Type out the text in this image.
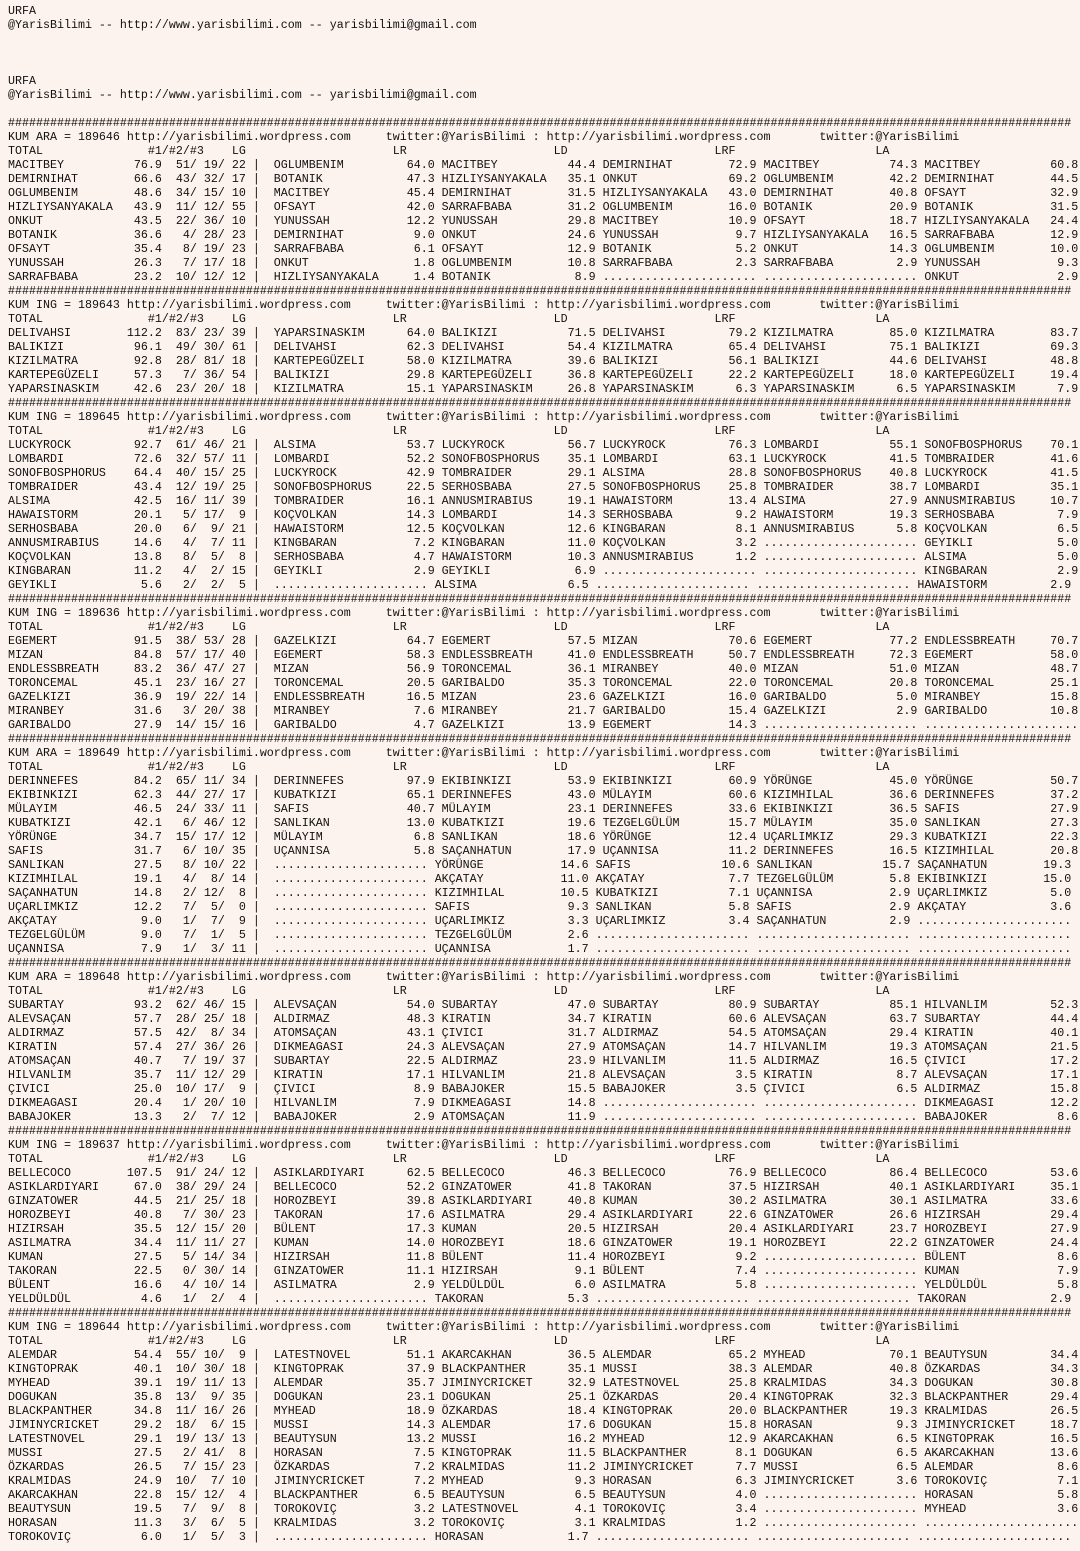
URFA
@YarisBilimi -- http://www.yarisbilimi.com -- yarisbilimi@gmail.com
URFA
@YarisBilimi -- http://www.yarisbilimi.com -- yarisbilimi@gmail.com
########################################################################################################################################################
KUM ARA = 189646 http://yarisbilimi.wordpress.com     twitter:@YarisBilimi : http://yarisbilimi.wordpress.com       twitter:@YarisBilimi
TOTAL               #1/#2/#3    LG                     LR                     LD                     LRF                    LA
MACITBEY          76.9  51/ 19/ 22 |  OGLUMBENIM         64.0 MACITBEY          44.4 DEMIRNIHAT        72.9 MACITBEY          74.3 MACITBEY          60.8
DEMIRNIHAT        66.6  43/ 32/ 17 |  BOTANIK            47.3 HIZLIYSANYAKALA   35.1 ONKUT             69.2 OGLUMBENIM        42.2 DEMIRNIHAT        44.5
OGLUMBENIM        48.6  34/ 15/ 10 |  MACITBEY           45.4 DEMIRNIHAT        31.5 HIZLIYSANYAKALA   43.0 DEMIRNIHAT        40.8 OFSAYT            32.9
HIZLIYSANYAKALA   43.9  11/ 12/ 55 |  OFSAYT             42.0 SARRAFBABA        31.2 OGLUMBENIM        16.0 BOTANIK           20.9 BOTANIK           31.5
ONKUT             43.5  22/ 36/ 10 |  YUNUSSAH           12.2 YUNUSSAH          29.8 MACITBEY          10.9 OFSAYT            18.7 HIZLIYSANYAKALA   24.4
BOTANIK           36.6   4/ 28/ 23 |  DEMIRNIHAT          9.0 ONKUT             24.6 YUNUSSAH           9.7 HIZLIYSANYAKALA   16.5 SARRAFBABA        12.9
OFSAYT            35.4   8/ 19/ 23 |  SARRAFBABA          6.1 OFSAYT            12.9 BOTANIK            5.2 ONKUT             14.3 OGLUMBENIM        10.0
YUNUSSAH          26.3   7/ 17/ 18 |  ONKUT               1.8 OGLUMBENIM        10.8 SARRAFBABA         2.3 SARRAFBABA         2.9 YUNUSSAH           9.3
SARRAFBABA        23.2  10/ 12/ 12 |  HIZLIYSANYAKALA     1.4 BOTANIK            8.9 ...................... ...................... ONKUT              2.9
########################################################################################################################################################
KUM ING = 189643 http://yarisbilimi.wordpress.com     twitter:@YarisBilimi : http://yarisbilimi.wordpress.com       twitter:@YarisBilimi
TOTAL               #1/#2/#3    LG                     LR                     LD                     LRF                    LA
DELIVAHSI        112.2  83/ 23/ 39 |  YAPARSINASKIM      64.0 BALIKIZI          71.5 DELIVAHSI         79.2 KIZILMATRA        85.0 KIZILMATRA        83.7
BALIKIZI          96.1  49/ 30/ 61 |  DELIVAHSI          62.3 DELIVAHSI         54.4 KIZILMATRA        65.4 DELIVAHSI         75.1 BALIKIZI          69.3
KIZILMATRA        92.8  28/ 81/ 18 |  KARTEPEGÜZELI      58.0 KIZILMATRA        39.6 BALIKIZI          56.1 BALIKIZI          44.6 DELIVAHSI         48.8
KARTEPEGÜZELI     57.3   7/ 36/ 54 |  BALIKIZI           29.8 KARTEPEGÜZELI     36.8 KARTEPEGÜZELI     22.2 KARTEPEGÜZELI     18.0 KARTEPEGÜZELI     19.4
YAPARSINASKIM     42.6  23/ 20/ 18 |  KIZILMATRA         15.1 YAPARSINASKIM     26.8 YAPARSINASKIM      6.3 YAPARSINASKIM      6.5 YAPARSINASKIM      7.9
########################################################################################################################################################
KUM ING = 189645 http://yarisbilimi.wordpress.com     twitter:@YarisBilimi : http://yarisbilimi.wordpress.com       twitter:@YarisBilimi
TOTAL               #1/#2/#3    LG                     LR                     LD                     LRF                    LA
LUCKYROCK         92.7  61/ 46/ 21 |  ALSIMA             53.7 LUCKYROCK         56.7 LUCKYROCK         76.3 LOMBARDI          55.1 SONOFBOSPHORUS    70.1
LOMBARDI          72.6  32/ 57/ 11 |  LOMBARDI           52.2 SONOFBOSPHORUS    35.1 LOMBARDI          63.1 LUCKYROCK         41.5 TOMBRAIDER        41.6
SONOFBOSPHORUS    64.4  40/ 15/ 25 |  LUCKYROCK          42.9 TOMBRAIDER        29.1 ALSIMA            28.8 SONOFBOSPHORUS    40.8 LUCKYROCK         41.5
TOMBRAIDER        43.4  12/ 19/ 25 |  SONOFBOSPHORUS     22.5 SERHOSBABA        27.5 SONOFBOSPHORUS    25.8 TOMBRAIDER        38.7 LOMBARDI          35.1
ALSIMA            42.5  16/ 11/ 39 |  TOMBRAIDER         16.1 ANNUSMIRABIUS     19.1 HAWAISTORM        13.4 ALSIMA            27.9 ANNUSMIRABIUS     10.7
HAWAISTORM        20.1   5/ 17/  9 |  KOÇVOLKAN          14.3 LOMBARDI          14.3 SERHOSBABA         9.2 HAWAISTORM        19.3 SERHOSBABA         7.9
SERHOSBABA        20.0   6/  9/ 21 |  HAWAISTORM         12.5 KOÇVOLKAN         12.6 KINGBARAN          8.1 ANNUSMIRABIUS      5.8 KOÇVOLKAN          6.5
ANNUSMIRABIUS     14.6   4/  7/ 11 |  KINGBARAN           7.2 KINGBARAN         11.0 KOÇVOLKAN          3.2 ...................... GEYIKLI            5.0
KOÇVOLKAN         13.8   8/  5/  8 |  SERHOSBABA          4.7 HAWAISTORM        10.3 ANNUSMIRABIUS      1.2 ...................... ALSIMA             5.0
KINGBARAN         11.2   4/  2/ 15 |  GEYIKLI             2.9 GEYIKLI            6.9 ...................... ...................... KINGBARAN          2.9
GEYIKLI            5.6   2/  2/  5 |  ...................... ALSIMA             6.5 ...................... ...................... HAWAISTORM         2.9
########################################################################################################################################################
KUM ING = 189636 http://yarisbilimi.wordpress.com     twitter:@YarisBilimi : http://yarisbilimi.wordpress.com       twitter:@YarisBilimi
TOTAL               #1/#2/#3    LG                     LR                     LD                     LRF                    LA
EGEMERT           91.5  38/ 53/ 28 |  GAZELKIZI          64.7 EGEMERT           57.5 MIZAN             70.6 EGEMERT           77.2 ENDLESSBREATH     70.7
MIZAN             84.8  57/ 17/ 40 |  EGEMERT            58.3 ENDLESSBREATH     41.0 ENDLESSBREATH     50.7 ENDLESSBREATH     72.3 EGEMERT           58.0
ENDLESSBREATH     83.2  36/ 47/ 27 |  MIZAN              56.9 TORONCEMAL        36.1 MIRANBEY          40.0 MIZAN             51.0 MIZAN             48.7
TORONCEMAL        45.1  23/ 16/ 27 |  TORONCEMAL         20.5 GARIBALDO         35.3 TORONCEMAL        22.0 TORONCEMAL        20.8 TORONCEMAL        25.1
GAZELKIZI         36.9  19/ 22/ 14 |  ENDLESSBREATH      16.5 MIZAN             23.6 GAZELKIZI         16.0 GARIBALDO          5.0 MIRANBEY          15.8
MIRANBEY          31.6   3/ 20/ 38 |  MIRANBEY            7.6 MIRANBEY          21.7 GARIBALDO         15.4 GAZELKIZI          2.9 GARIBALDO         10.8
GARIBALDO         27.9  14/ 15/ 16 |  GARIBALDO           4.7 GAZELKIZI         13.9 EGEMERT           14.3 ...................... ......................
########################################################################################################################################################
KUM ARA = 189649 http://yarisbilimi.wordpress.com     twitter:@YarisBilimi : http://yarisbilimi.wordpress.com       twitter:@YarisBilimi
TOTAL               #1/#2/#3    LG                     LR                     LD                     LRF                    LA
DERINNEFES        84.2  65/ 11/ 34 |  DERINNEFES         97.9 EKIBINKIZI        53.9 EKIBINKIZI        60.9 YÖRÜNGE           45.0 YÖRÜNGE           50.7
EKIBINKIZI        62.3  44/ 27/ 17 |  KUBATKIZI          65.1 DERINNEFES        43.0 MÜLAYIM           60.6 KIZIMHILAL        36.6 DERINNEFES        37.2
MÜLAYIM           46.5  24/ 33/ 11 |  SAFIS              40.7 MÜLAYIM           23.1 DERINNEFES        33.6 EKIBINKIZI        36.5 SAFIS             27.9
KUBATKIZI         42.1   6/ 46/ 12 |  SANLIKAN           13.0 KUBATKIZI         19.6 TEZGELGÜLÜM       15.7 MÜLAYIM           35.0 SANLIKAN          27.3
YÖRÜNGE           34.7  15/ 17/ 12 |  MÜLAYIM             6.8 SANLIKAN          18.6 YÖRÜNGE           12.4 UÇARLIMKIZ        29.3 KUBATKIZI         22.3
SAFIS             31.7   6/ 10/ 35 |  UÇANNISA            5.8 SAÇANHATUN        17.9 UÇANNISA          11.2 DERINNEFES        16.5 KIZIMHILAL        20.8
SANLIKAN          27.5   8/ 10/ 22 |  ...................... YÖRÜNGE           14.6 SAFIS             10.6 SANLIKAN          15.7 SAÇANHATUN        19.3
KIZIMHILAL        19.1   4/  8/ 14 |  ...................... AKÇATAY           11.0 AKÇATAY            7.7 TEZGELGÜLÜM        5.8 EKIBINKIZI        15.0
SAÇANHATUN        14.8   2/ 12/  8 |  ...................... KIZIMHILAL        10.5 KUBATKIZI          7.1 UÇANNISA           2.9 UÇARLIMKIZ         5.0
UÇARLIMKIZ        12.2   7/  5/  0 |  ...................... SAFIS              9.3 SANLIKAN           5.8 SAFIS              2.9 AKÇATAY            3.6
AKÇATAY            9.0   1/  7/  9 |  ...................... UÇARLIMKIZ         3.3 UÇARLIMKIZ         3.4 SAÇANHATUN         2.9 ......................
TEZGELGÜLÜM        9.0   7/  1/  5 |  ...................... TEZGELGÜLÜM        2.6 ...................... ...................... ......................
UÇANNISA           7.9   1/  3/ 11 |  ...................... UÇANNISA           1.7 ...................... ...................... ......................
########################################################################################################################################################
KUM ARA = 189648 http://yarisbilimi.wordpress.com     twitter:@YarisBilimi : http://yarisbilimi.wordpress.com       twitter:@YarisBilimi
TOTAL               #1/#2/#3    LG                     LR                     LD                     LRF                    LA
SUBARTAY          93.2  62/ 46/ 15 |  ALEVSAÇAN          54.0 SUBARTAY          47.0 SUBARTAY          80.9 SUBARTAY          85.1 HILVANLIM         52.3
ALEVSAÇAN         57.7  28/ 25/ 18 |  ALDIRMAZ           48.3 KIRATIN           34.7 KIRATIN           60.6 ALEVSAÇAN         63.7 SUBARTAY          44.4
ALDIRMAZ          57.5  42/  8/ 34 |  ATOMSAÇAN          43.1 ÇIVICI            31.7 ALDIRMAZ          54.5 ATOMSAÇAN         29.4 KIRATIN           40.1
KIRATIN           57.4  27/ 36/ 26 |  DIKMEAGASI         24.3 ALEVSAÇAN         27.9 ATOMSAÇAN         14.7 HILVANLIM         19.3 ATOMSAÇAN         21.5
ATOMSAÇAN         40.7   7/ 19/ 37 |  SUBARTAY           22.5 ALDIRMAZ          23.9 HILVANLIM         11.5 ALDIRMAZ          16.5 ÇIVICI            17.2
HILVANLIM         35.7  11/ 12/ 29 |  KIRATIN            17.1 HILVANLIM         21.8 ALEVSAÇAN          3.5 KIRATIN            8.7 ALEVSAÇAN         17.1
ÇIVICI            25.0  10/ 17/  9 |  ÇIVICI              8.9 BABAJOKER         15.5 BABAJOKER          3.5 ÇIVICI             6.5 ALDIRMAZ          15.8
DIKMEAGASI        20.4   1/ 20/ 10 |  HILVANLIM           7.9 DIKMEAGASI        14.8 ...................... ...................... DIKMEAGASI        12.2
BABAJOKER         13.3   2/  7/ 12 |  BABAJOKER           2.9 ATOMSAÇAN         11.9 ...................... ...................... BABAJOKER          8.6
########################################################################################################################################################
KUM ING = 189637 http://yarisbilimi.wordpress.com     twitter:@YarisBilimi : http://yarisbilimi.wordpress.com       twitter:@YarisBilimi
TOTAL               #1/#2/#3    LG                     LR                     LD                     LRF                    LA
BELLECOCO        107.5  91/ 24/ 12 |  ASIKLARDIYARI      62.5 BELLECOCO         46.3 BELLECOCO         76.9 BELLECOCO         86.4 BELLECOCO         53.6
ASIKLARDIYARI     67.0  38/ 29/ 24 |  BELLECOCO          52.2 GINZATOWER        41.8 TAKORAN           37.5 HIZIRSAH          40.1 ASIKLARDIYARI     35.1
GINZATOWER        44.5  21/ 25/ 18 |  HOROZBEYI          39.8 ASIKLARDIYARI     40.8 KUMAN             30.2 ASILMATRA         30.1 ASILMATRA         33.6
HOROZBEYI         40.8   7/ 30/ 23 |  TAKORAN            17.6 ASILMATRA         29.4 ASIKLARDIYARI     22.6 GINZATOWER        26.6 HIZIRSAH          29.4
HIZIRSAH          35.5  12/ 15/ 20 |  BÜLENT             17.3 KUMAN             20.5 HIZIRSAH          20.4 ASIKLARDIYARI     23.7 HOROZBEYI         27.9
ASILMATRA         34.4  11/ 11/ 27 |  KUMAN              14.0 HOROZBEYI         18.6 GINZATOWER        19.1 HOROZBEYI         22.2 GINZATOWER        24.4
KUMAN             27.5   5/ 14/ 34 |  HIZIRSAH           11.8 BÜLENT            11.4 HOROZBEYI          9.2 ...................... BÜLENT             8.6
TAKORAN           22.5   0/ 30/ 14 |  GINZATOWER         11.1 HIZIRSAH           9.1 BÜLENT             7.4 ...................... KUMAN              7.9
BÜLENT            16.6   4/ 10/ 14 |  ASILMATRA           2.9 YELDÜLDÜL          6.0 ASILMATRA          5.8 ...................... YELDÜLDÜL          5.8
YELDÜLDÜL          4.6   1/  2/  4 |  ...................... TAKORAN            5.3 ...................... ...................... TAKORAN            2.9
########################################################################################################################################################
KUM ING = 189644 http://yarisbilimi.wordpress.com     twitter:@YarisBilimi : http://yarisbilimi.wordpress.com       twitter:@YarisBilimi
TOTAL               #1/#2/#3    LG                     LR                     LD                     LRF                    LA
ALEMDAR           54.4  55/ 10/  9 |  LATESTNOVEL        51.1 AKARCAKHAN        36.5 ALEMDAR           65.2 MYHEAD            70.1 BEAUTYSUN         34.4
KINGTOPRAK        40.1  10/ 30/ 18 |  KINGTOPRAK         37.9 BLACKPANTHER      35.1 MUSSI             38.3 ALEMDAR           40.8 ÖZKARDAS          34.3
MYHEAD            39.1  19/ 11/ 13 |  ALEMDAR            35.7 JIMINYCRICKET     32.9 LATESTNOVEL       25.8 KRALMIDAS         34.3 DOGUKAN           30.8
DOGUKAN           35.8  13/  9/ 35 |  DOGUKAN            23.1 DOGUKAN           25.1 ÖZKARDAS          20.4 KINGTOPRAK        32.3 BLACKPANTHER      29.4
BLACKPANTHER      34.8  11/ 16/ 26 |  MYHEAD             18.9 ÖZKARDAS          18.4 KINGTOPRAK        20.0 BLACKPANTHER      19.3 KRALMIDAS         26.5
JIMINYCRICKET     29.2  18/  6/ 15 |  MUSSI              14.3 ALEMDAR           17.6 DOGUKAN           15.8 HORASAN            9.3 JIMINYCRICKET     18.7
LATESTNOVEL       29.1  19/ 13/ 13 |  BEAUTYSUN          13.2 MUSSI             16.2 MYHEAD            12.9 AKARCAKHAN         6.5 KINGTOPRAK        16.5
MUSSI             27.5   2/ 41/  8 |  HORASAN             7.5 KINGTOPRAK        11.5 BLACKPANTHER       8.1 DOGUKAN            6.5 AKARCAKHAN        13.6
ÖZKARDAS          26.5   7/ 15/ 23 |  ÖZKARDAS            7.2 KRALMIDAS         11.2 JIMINYCRICKET      7.7 MUSSI              6.5 ALEMDAR            8.6
KRALMIDAS         24.9  10/  7/ 10 |  JIMINYCRICKET       7.2 MYHEAD             9.3 HORASAN            6.3 JIMINYCRICKET      3.6 TOROKOVIÇ          7.1
AKARCAKHAN        22.8  15/ 12/  4 |  BLACKPANTHER        6.5 BEAUTYSUN          6.5 BEAUTYSUN          4.0 ...................... HORASAN            5.8
BEAUTYSUN         19.5   7/  9/  8 |  TOROKOVIÇ           3.2 LATESTNOVEL        4.1 TOROKOVIÇ          3.4 ...................... MYHEAD             3.6
HORASAN           11.3   3/  6/  5 |  KRALMIDAS           3.2 TOROKOVIÇ          3.1 KRALMIDAS          1.2 ...................... ......................
TOROKOVIÇ          6.0   1/  5/  3 |  ...................... HORASAN            1.7 ...................... ...................... ......................
